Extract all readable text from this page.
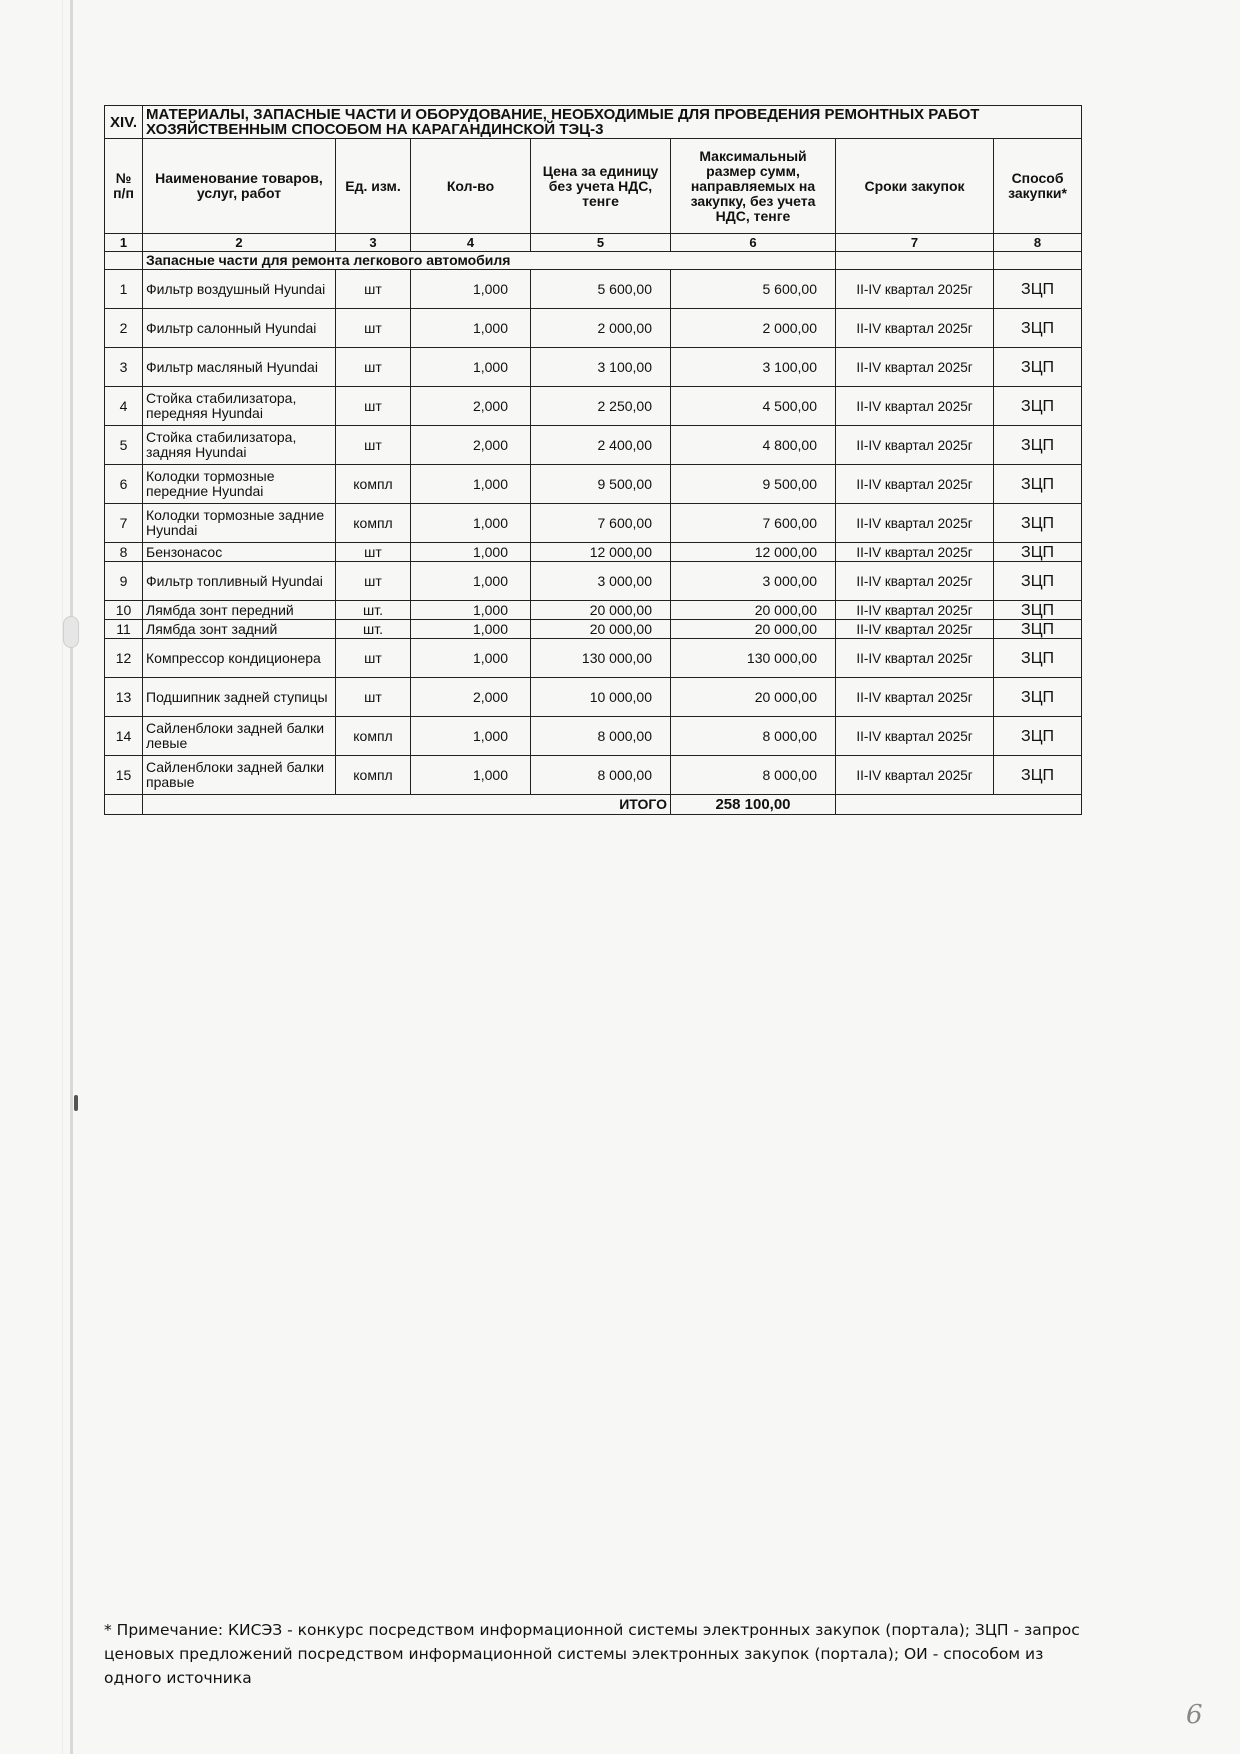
XIV.	МАТЕРИАЛЫ, ЗАПАСНЫЕ ЧАСТИ И ОБОРУДОВАНИЕ, НЕОБХОДИМЫЕ ДЛЯ ПРОВЕДЕНИЯ РЕМОНТНЫХ РАБОТ ХОЗЯЙСТВЕННЫМ СПОСОБОМ НА КАРАГАНДИНСКОЙ ТЭЦ-3						
№ п/п	Наименование товаров, услуг, работ	Ед. изм.	Кол-во	Цена за единицу без учета НДС, тенге	Максимальный размер сумм, направляемых на закупку, без учета НДС, тенге	Сроки закупок	Способ закупки*
1	2	3	4	5	6	7	8
	Запасные части для ремонта легкового автомобиля						
1	Фильтр воздушный Hyundai	шт	1,000	5 600,00	5 600,00	II-IV квартал 2025г	ЗЦП
2	Фильтр салонный Hyundai	шт	1,000	2 000,00	2 000,00	II-IV квартал 2025г	ЗЦП
3	Фильтр масляный Hyundai	шт	1,000	3 100,00	3 100,00	II-IV квартал 2025г	ЗЦП
4	Стойка стабилизатора, передняя Hyundai	шт	2,000	2 250,00	4 500,00	II-IV квартал 2025г	ЗЦП
5	Стойка стабилизатора, задняя Hyundai	шт	2,000	2 400,00	4 800,00	II-IV квартал 2025г	ЗЦП
6	Колодки тормозные передние Hyundai	компл	1,000	9 500,00	9 500,00	II-IV квартал 2025г	ЗЦП
7	Колодки тормозные задние Hyundai	компл	1,000	7 600,00	7 600,00	II-IV квартал 2025г	ЗЦП
8	Бензонасос	шт	1,000	12 000,00	12 000,00	II-IV квартал 2025г	ЗЦП
9	Фильтр топливный Hyundai	шт	1,000	3 000,00	3 000,00	II-IV квартал 2025г	ЗЦП
10	Лямбда зонт передний	шт.	1,000	20 000,00	20 000,00	II-IV квартал 2025г	ЗЦП
11	Лямбда зонт задний	шт.	1,000	20 000,00	20 000,00	II-IV квартал 2025г	ЗЦП
12	Компрессор кондиционера	шт	1,000	130 000,00	130 000,00	II-IV квартал 2025г	ЗЦП
13	Подшипник задней ступицы	шт	2,000	10 000,00	20 000,00	II-IV квартал 2025г	ЗЦП
14	Сайленблоки задней балки левые	компл	1,000	8 000,00	8 000,00	II-IV квартал 2025г	ЗЦП
15	Сайленблоки задней балки правые	компл	1,000	8 000,00	8 000,00	II-IV квартал 2025г	ЗЦП
	ИТОГО				258 100,00		
* Примечание: КИСЭЗ - конкурс посредством информационной системы электронных закупок (портала); ЗЦП - запрос ценовых предложений посредством информационной системы электронных закупок (портала); ОИ - способом из одного источника
6
